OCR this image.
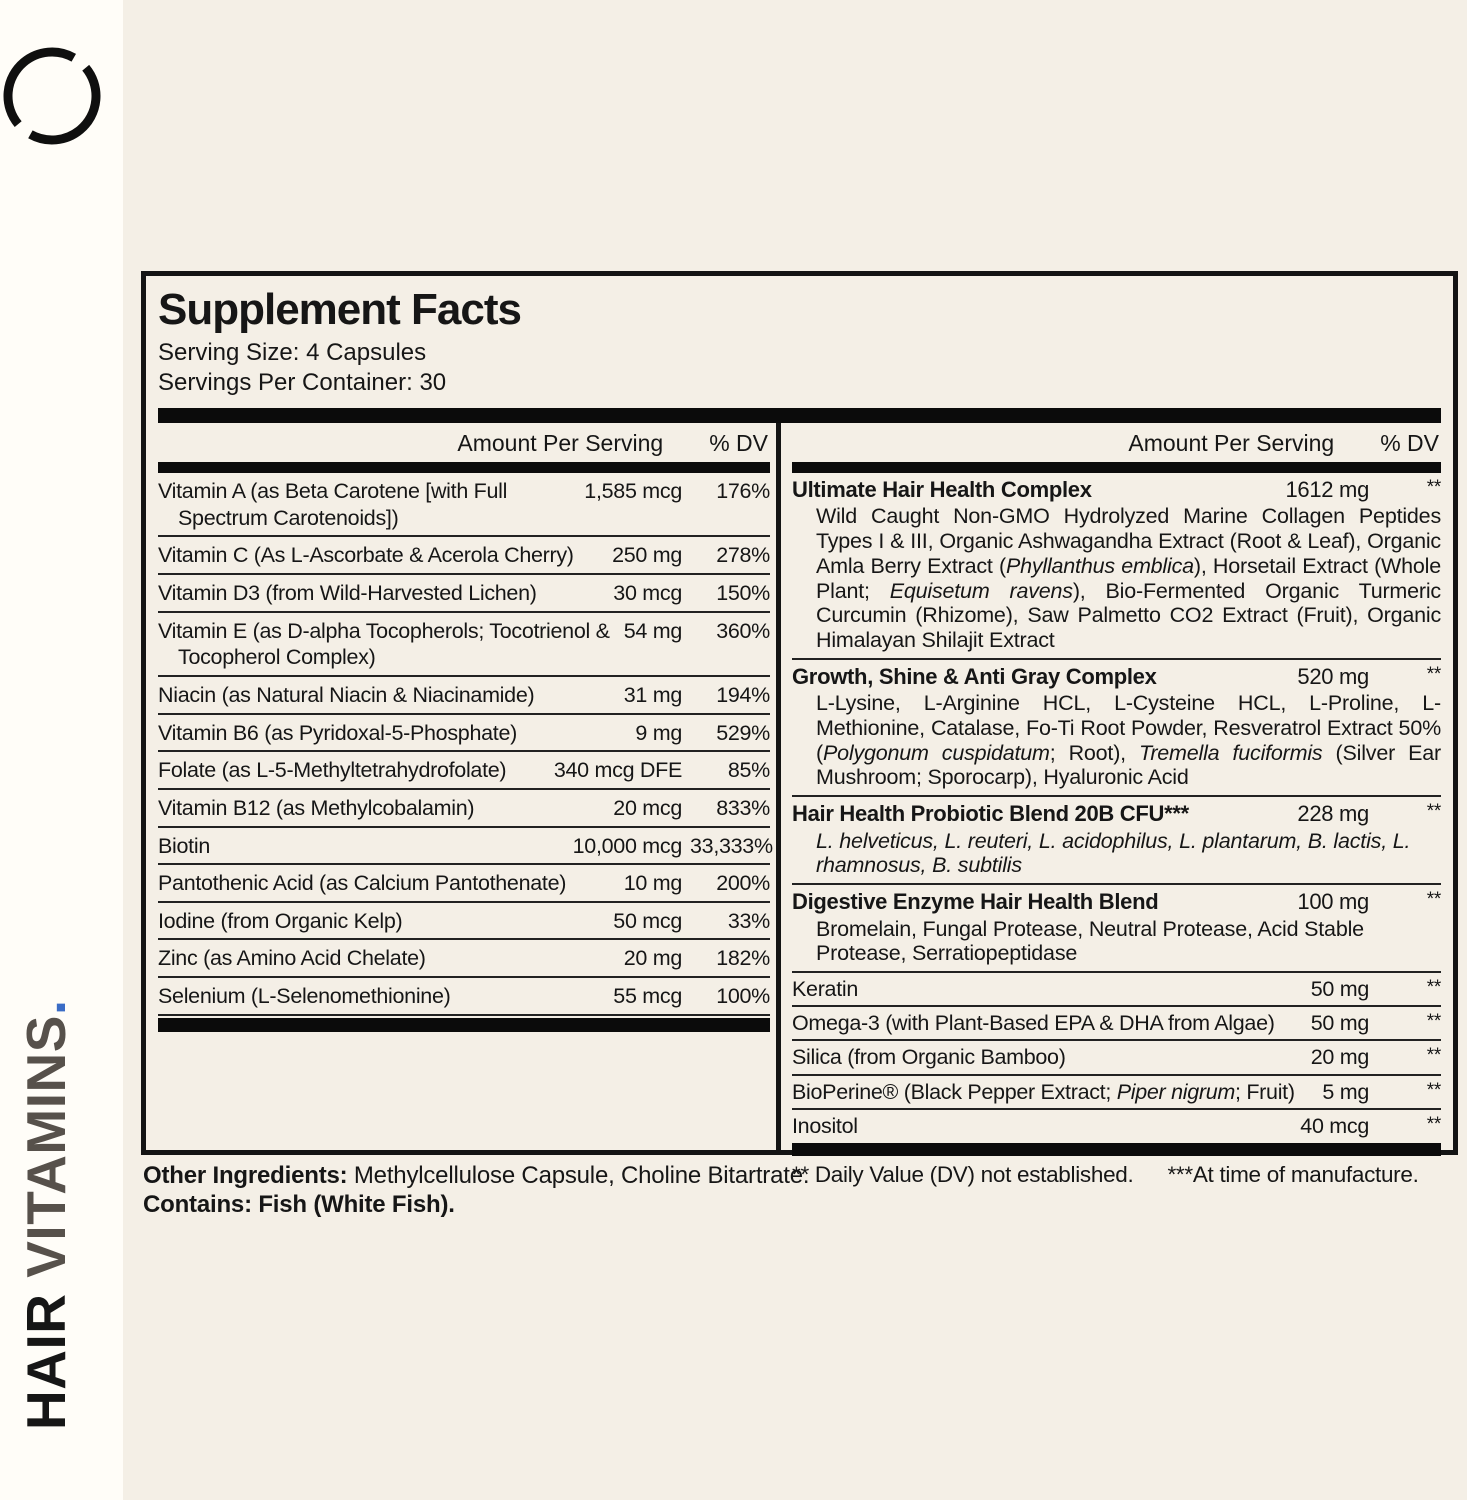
HAIR VITAMINS.
Supplement Facts
Serving Size: 4 Capsules
Servings Per Container: 30
Amount Per Serving % DV
Vitamin A (as Beta Carotene [with Full Spectrum Carotenoids])
1,585 mcg	176%
Vitamin C (As L-Ascorbate & Acerola Cherry)	250 mg	278%
Vitamin D3 (from Wild-Harvested Lichen)	30 mcg	150%
Vitamin E (as D-alpha Tocopherols; Tocotrienol & Tocopherol Complex)
54 mg	360%
Niacin (as Natural Niacin & Niacinamide)	31 mg	194%
Vitamin B6 (as Pyridoxal-5-Phosphate)	9 mg	529%
Folate (as L-5-Methyltetrahydrofolate)	340 mcg DFE	85%
Vitamin B12 (as Methylcobalamin)	20 mcg	833%
Biotin	10,000 mcg 33,333%
Pantothenic Acid (as Calcium Pantothenate)	10 mg	200%
Iodine (from Organic Kelp)	50 mcg	33%
Zinc (as Amino Acid Chelate)	20 mg	182%
Selenium (L-Selenomethionine)	55 mcg	100%
Amount Per Serving % DV
Ultimate Hair Health Complex	1612 mg	**
Wild Caught Non-GMO Hydrolyzed Marine Collagen Peptides Types I & III, Organic Ashwagandha Extract (Root & Leaf), Organic Amla Berry Extract (Phyllanthus emblica), Horsetail Extract (Whole Plant; Equisetum ravens), Bio-Fermented Organic Turmeric Curcumin (Rhizome), Saw Palmetto CO2 Extract (Fruit), Organic Himalayan Shilajit Extract
Growth, Shine & Anti Gray Complex	520 mg	**
L-Lysine, L-Arginine HCL, L-Cysteine HCL, L-Proline, L-Methionine, Catalase, Fo-Ti Root Powder, Resveratrol Extract 50% (Polygonum cuspidatum; Root), Tremella fuciformis (Silver Ear Mushroom; Sporocarp), Hyaluronic Acid
Hair Health Probiotic Blend 20B CFU***	228 mg	**
L. helveticus, L. reuteri, L. acidophilus, L. plantarum, B. lactis, L. rhamnosus, B. subtilis
Digestive Enzyme Hair Health Blend	100 mg	**
Bromelain, Fungal Protease, Neutral Protease, Acid Stable Protease, Serratiopeptidase
Keratin	50 mg	**
Omega-3 (with Plant-Based EPA & DHA from Algae)	50 mg	**
Silica (from Organic Bamboo)	20 mg	**
BioPerine® (Black Pepper Extract; Piper nigrum; Fruit)	5 mg	**
Inositol	40 mcg	**
** Daily Value (DV) not established. ***At time of manufacture.
Other Ingredients: Methylcellulose Capsule, Choline Bitartrate.
Contains: Fish (White Fish).
